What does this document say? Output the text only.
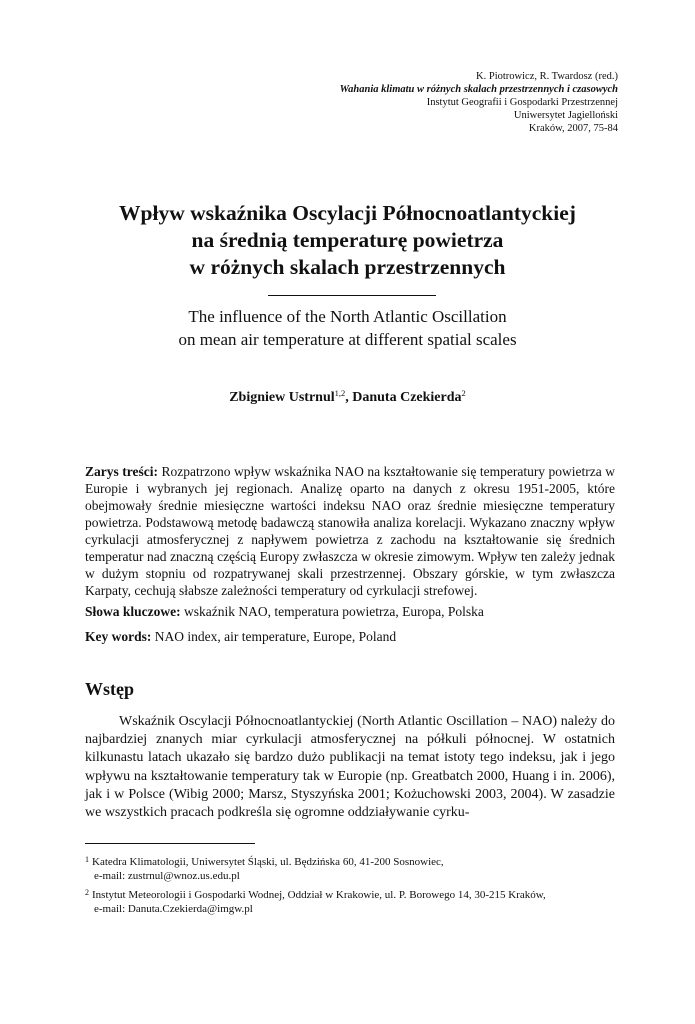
K. Piotrowicz, R. Twardosz (red.)
Wahania klimatu w różnych skalach przestrzennych i czasowych
Instytut Geografii i Gospodarki Przestrzennej
Uniwersytet Jagielloński
Kraków, 2007, 75-84
Wpływ wskaźnika Oscylacji Północnoatlantyckiej
na średnią temperaturę powietrza
w różnych skalach przestrzennych
The influence of the North Atlantic Oscillation
on mean air temperature at different spatial scales
Zbigniew Ustrnul$^{1,2}$, Danuta Czekierda$^2$
Zarys treści: Rozpatrzono wpływ wskaźnika NAO na kształtowanie się temperatury powietrza w Europie i wybranych jej regionach. Analizę oparto na danych z okresu 1951-2005, które obejmowały średnie miesięczne wartości indeksu NAO oraz średnie miesięczne temperatury powietrza. Podstawową metodę badawczą stanowiła analiza korelacji. Wykazano znaczny wpływ cyrkulacji atmosferycznej z napływem powietrza z zachodu na kształtowanie się średnich temperatur nad znaczną częścią Europy zwłaszcza w okresie zimowym. Wpływ ten zależy jednak w dużym stopniu od rozpatrywanej skali przestrzennej. Obszary górskie, w tym zwłaszcza Karpaty, cechują słabsze zależności temperatury od cyrkulacji strefowej.
Słowa kluczowe: wskaźnik NAO, temperatura powietrza, Europa, Polska
Key words: NAO index, air temperature, Europe, Poland
Wstęp
Wskaźnik Oscylacji Północnoatlantyckiej (North Atlantic Oscillation – NAO) należy do najbardziej znanych miar cyrkulacji atmosferycznej na półkuli północnej. W ostatnich kilkunastu latach ukazało się bardzo dużo publikacji na temat istoty tego indeksu, jak i jego wpływu na kształtowanie temperatury tak w Europie (np. Greatbatch 2000, Huang i in. 2006), jak i w Polsce (Wibig 2000; Marsz, Styszyńska 2001; Kożuchowski 2003, 2004). W zasadzie we wszystkich pracach podkreśla się ogromne oddziaływanie cyrku-
$^1$ Katedra Klimatologii, Uniwersytet Śląski, ul. Będzińska 60, 41-200 Sosnowiec,
e-mail: zustrnul@wnoz.us.edu.pl
$^2$ Instytut Meteorologii i Gospodarki Wodnej, Oddział w Krakowie, ul. P. Borowego 14, 30-215 Kraków,
e-mail: Danuta.Czekierda@imgw.pl
